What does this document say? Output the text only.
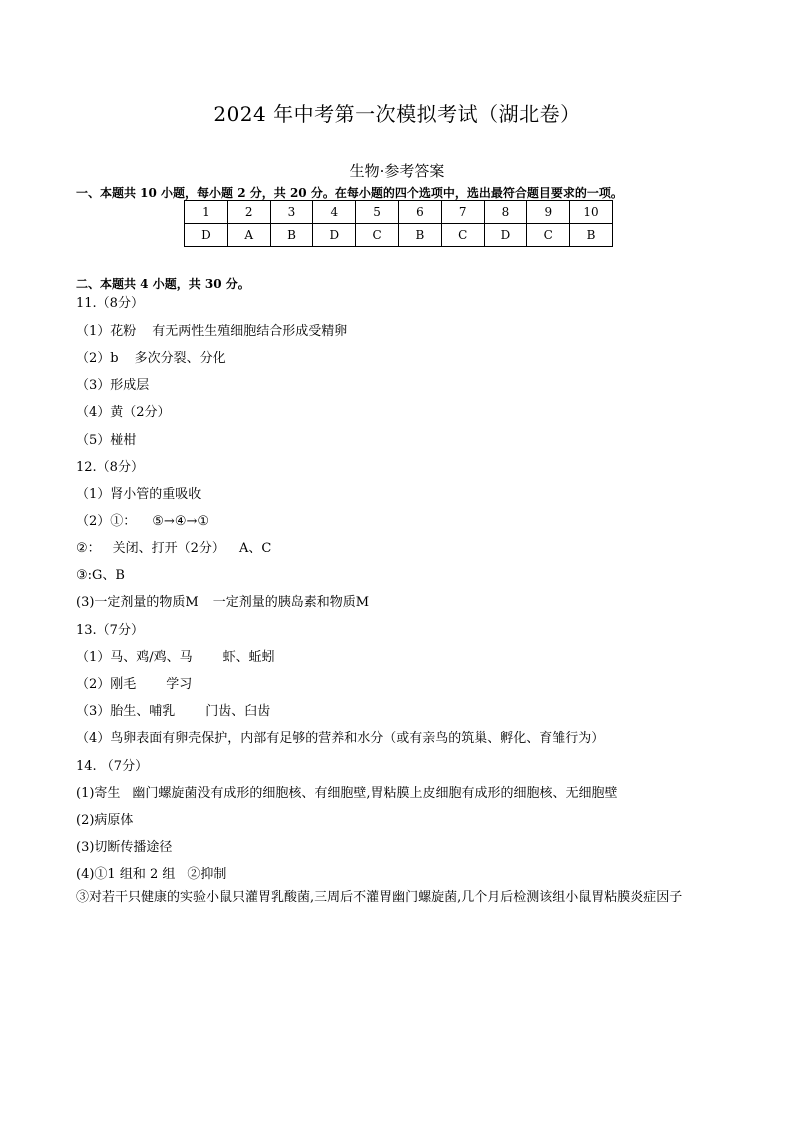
2024 年中考第一次模拟考试（湖北卷）
生物·参考答案
一、本题共 10 小题，每小题 2 分，共 20 分。在每小题的四个选项中，选出最符合题目要求的一项。
1	2	3	4	5	6	7	8	9	10
D	A	B	D	C	B	C	D	C	B
二、本题共 4 小题，共 30 分。
11.（8分）
（1）花粉 有无两性生殖细胞结合形成受精卵
（2）b 多次分裂、分化
（3）形成层
（4）黄（2分）
（5）椪柑
12.（8分）
（1）肾小管的重吸收
（2）①： ⑤→④→①
②： 关闭、打开（2分） A、C
③:G、B
(3)一定剂量的物质M 一定剂量的胰岛素和物质M
13.（7分）
（1）马、鸡/鸡、马 虾、蚯蚓
（2）刚毛 学习
（3）胎生、哺乳 门齿、臼齿
（4）鸟卵表面有卵壳保护，内部有足够的营养和水分（或有亲鸟的筑巢、孵化、育雏行为）
14. （7分）
(1)寄生 幽门螺旋菌没有成形的细胞核、有细胞壁,胃粘膜上皮细胞有成形的细胞核、无细胞壁
(2)病原体
(3)切断传播途径
(4)①1 组和 2 组 ②抑制
③对若干只健康的实验小鼠只灌胃乳酸菌,三周后不灌胃幽门螺旋菌,几个月后检测该组小鼠胃粘膜炎症因子
